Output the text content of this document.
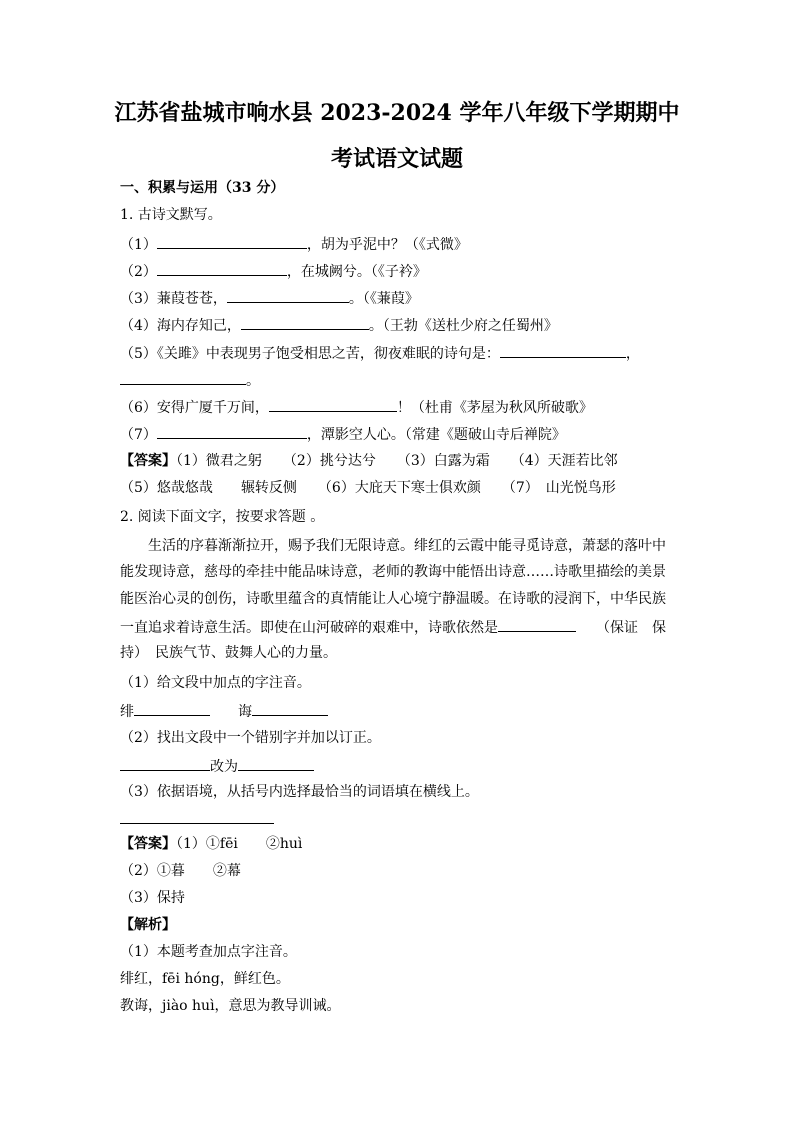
江苏省盐城市响水县 2023-2024 学年八年级下学期期中
考试语文试题
一、积累与运用（33 分）
1. 古诗文默写。
（1）	，胡为乎泥中？（《式微》
（2）	，在城阙兮。（《子衿》
（3）蒹葭苍苍，	。（《蒹葭》
（4）海内存知己，	。（王勃《送杜少府之任蜀州》
（5）《关雎》中表现男子饱受相思之苦，彻夜难眠的诗句是：	，
。
（6）安得广厦千万间，	！（杜甫《茅屋为秋风所破歌》
（7）	，潭影空人心。（常建《题破山寺后禅院》
【答案】（1）微君之躬　　（2）挑兮达兮　　（3）白露为霜　　（4）天涯若比邻
（5）悠哉悠哉　　辗转反侧　　（6）大庇天下寒士俱欢颜　　（7）　山光悦鸟形
2. 阅读下面文字，按要求答题 。
生活的序暮渐渐拉开，赐予我们无限诗意。绯红的云霞中能寻觅诗意，萧瑟的落叶中
能发现诗意，慈母的牵挂中能品味诗意，老师的教诲中能悟出诗意……诗歌里描绘的美景
能医治心灵的创伤，诗歌里蕴含的真情能让人心境宁静温暖。在诗歌的浸润下，中华民族
一直追求着诗意生活。即使在山河破碎的艰难中，诗歌依然是	（保证　保
持）　民族气节、鼓舞人心的力量。
（1）给文段中加点的字注音。
绯	诲
（2）找出文段中一个错别字并加以订正。
改为
（3）依据语境，从括号内选择最恰当的词语填在横线上。
【答案】（1）①fēi　　②huì
（2）①暮　　②幕
（3）保持
【解析】
（1）本题考查加点字注音。
绯红，fēi hóng，鲜红色。
教诲，jiào huì，意思为教导训诫。
